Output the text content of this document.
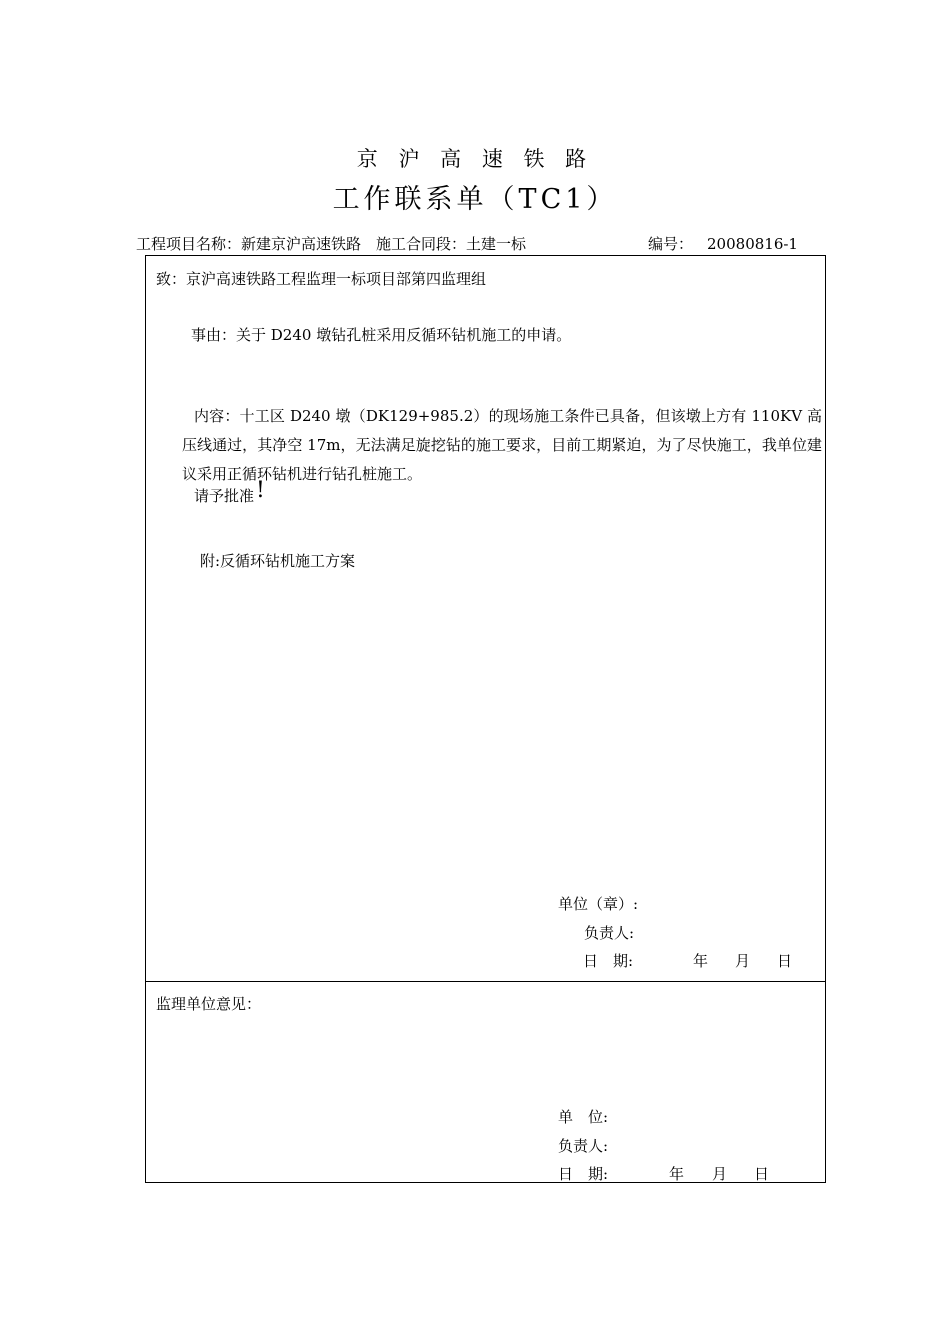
京 沪 高 速 铁 路
工作联系单（TC1）
工程项目名称：新建京沪高速铁路　施工合同段：土建一标	编号： 20080816-1
致：京沪高速铁路工程监理一标项目部第四监理组
事由：关于 D240 墩钻孔桩采用反循环钻机施工的申请。
内容：十工区 D240 墩（DK129+985.2）的现场施工条件已具备，但该墩上方有 110KV 高压线通过，其净空 17m，无法满足旋挖钻的施工要求，目前工期紧迫，为了尽快施工，我单位建议采用正循环钻机进行钻孔桩施工。
请予批准!
附:反循环钻机施工方案
单位（章）:
负责人:
日　期:	年 月 日
监理单位意见：
单　位:
负责人:
日　期:	年 月 日
